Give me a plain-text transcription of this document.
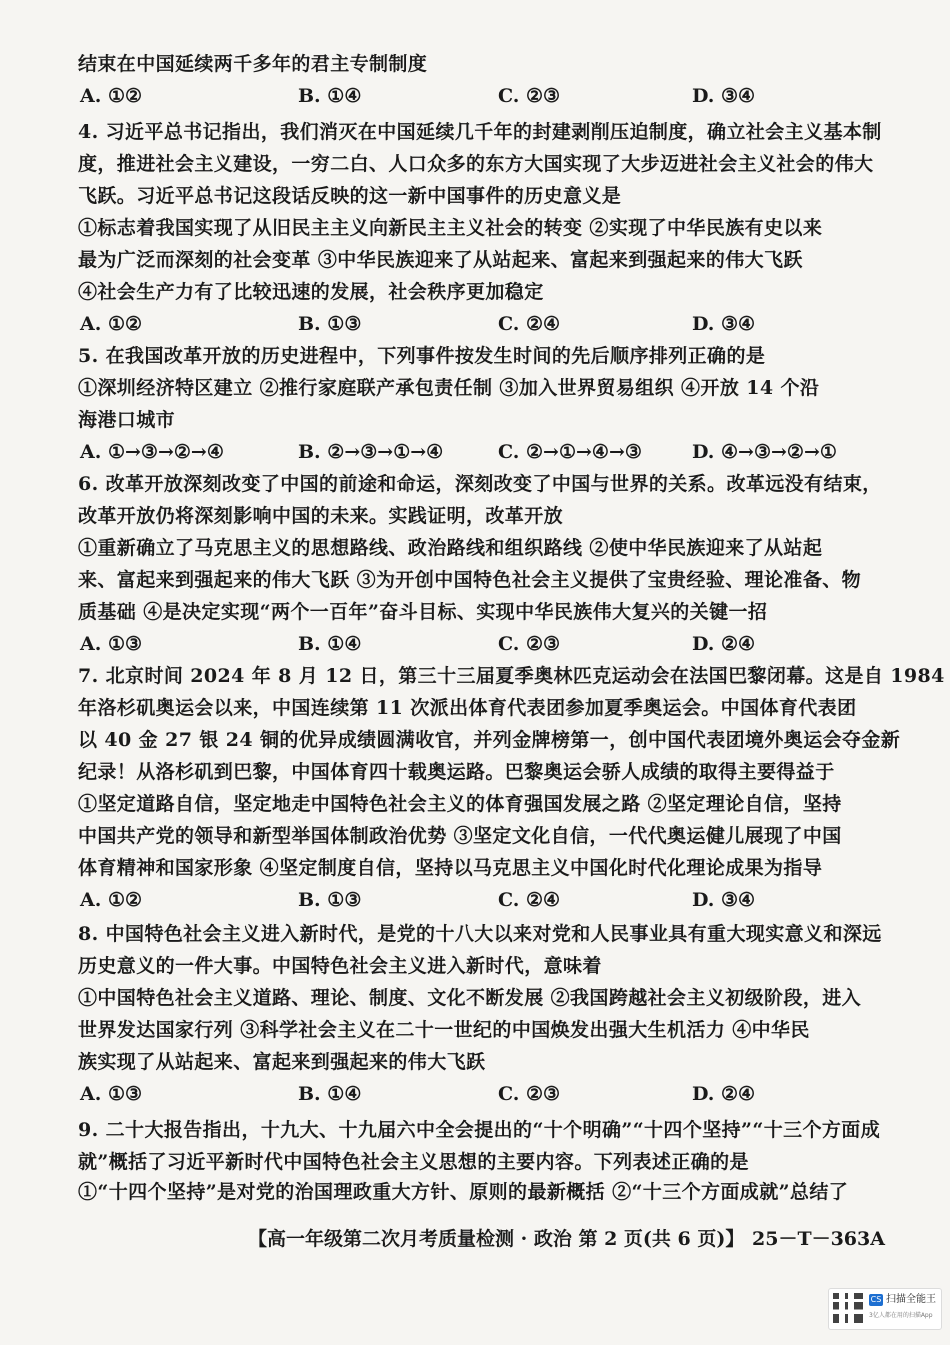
结束在中国延续两千多年的君主专制制度
A. ①②	B. ①④	C. ②③	D. ③④
4. 习近平总书记指出，我们消灭在中国延续几千年的封建剥削压迫制度，确立社会主义基本制
度，推进社会主义建设，一穷二白、人口众多的东方大国实现了大步迈进社会主义社会的伟大
飞跃。习近平总书记这段话反映的这一新中国事件的历史意义是
①标志着我国实现了从旧民主主义向新民主主义社会的转变 ②实现了中华民族有史以来
最为广泛而深刻的社会变革 ③中华民族迎来了从站起来、富起来到强起来的伟大飞跃
④社会生产力有了比较迅速的发展，社会秩序更加稳定
A. ①②	B. ①③	C. ②④	D. ③④
5. 在我国改革开放的历史进程中，下列事件按发生时间的先后顺序排列正确的是
①深圳经济特区建立 ②推行家庭联产承包责任制 ③加入世界贸易组织 ④开放 14 个沿
海港口城市
A. ①→③→②→④	B. ②→③→①→④	C. ②→①→④→③	D. ④→③→②→①
6. 改革开放深刻改变了中国的前途和命运，深刻改变了中国与世界的关系。改革远没有结束，
改革开放仍将深刻影响中国的未来。实践证明，改革开放
①重新确立了马克思主义的思想路线、政治路线和组织路线 ②使中华民族迎来了从站起
来、富起来到强起来的伟大飞跃 ③为开创中国特色社会主义提供了宝贵经验、理论准备、物
质基础 ④是决定实现“两个一百年”奋斗目标、实现中华民族伟大复兴的关键一招
A. ①③	B. ①④	C. ②③	D. ②④
7. 北京时间 2024 年 8 月 12 日，第三十三届夏季奥林匹克运动会在法国巴黎闭幕。这是自 1984
年洛杉矶奥运会以来，中国连续第 11 次派出体育代表团参加夏季奥运会。中国体育代表团
以 40 金 27 银 24 铜的优异成绩圆满收官，并列金牌榜第一，创中国代表团境外奥运会夺金新
纪录！从洛杉矶到巴黎，中国体育四十载奥运路。巴黎奥运会骄人成绩的取得主要得益于
①坚定道路自信，坚定地走中国特色社会主义的体育强国发展之路 ②坚定理论自信，坚持
中国共产党的领导和新型举国体制政治优势 ③坚定文化自信，一代代奥运健儿展现了中国
体育精神和国家形象 ④坚定制度自信，坚持以马克思主义中国化时代化理论成果为指导
A. ①②	B. ①③	C. ②④	D. ③④
8. 中国特色社会主义进入新时代，是党的十八大以来对党和人民事业具有重大现实意义和深远
历史意义的一件大事。中国特色社会主义进入新时代，意味着
①中国特色社会主义道路、理论、制度、文化不断发展 ②我国跨越社会主义初级阶段，进入
世界发达国家行列 ③科学社会主义在二十一世纪的中国焕发出强大生机活力 ④中华民
族实现了从站起来、富起来到强起来的伟大飞跃
A. ①③	B. ①④	C. ②③	D. ②④
9. 二十大报告指出，十九大、十九届六中全会提出的“十个明确”“十四个坚持”“十三个方面成
就”概括了习近平新时代中国特色社会主义思想的主要内容。下列表述正确的是
①“十四个坚持”是对党的治国理政重大方针、原则的最新概括 ②“十三个方面成就”总结了
【高一年级第二次月考质量检测 · 政治 第 2 页(共 6 页)】 25－T－363A
CS 扫描全能王
3亿人都在用的扫描App
